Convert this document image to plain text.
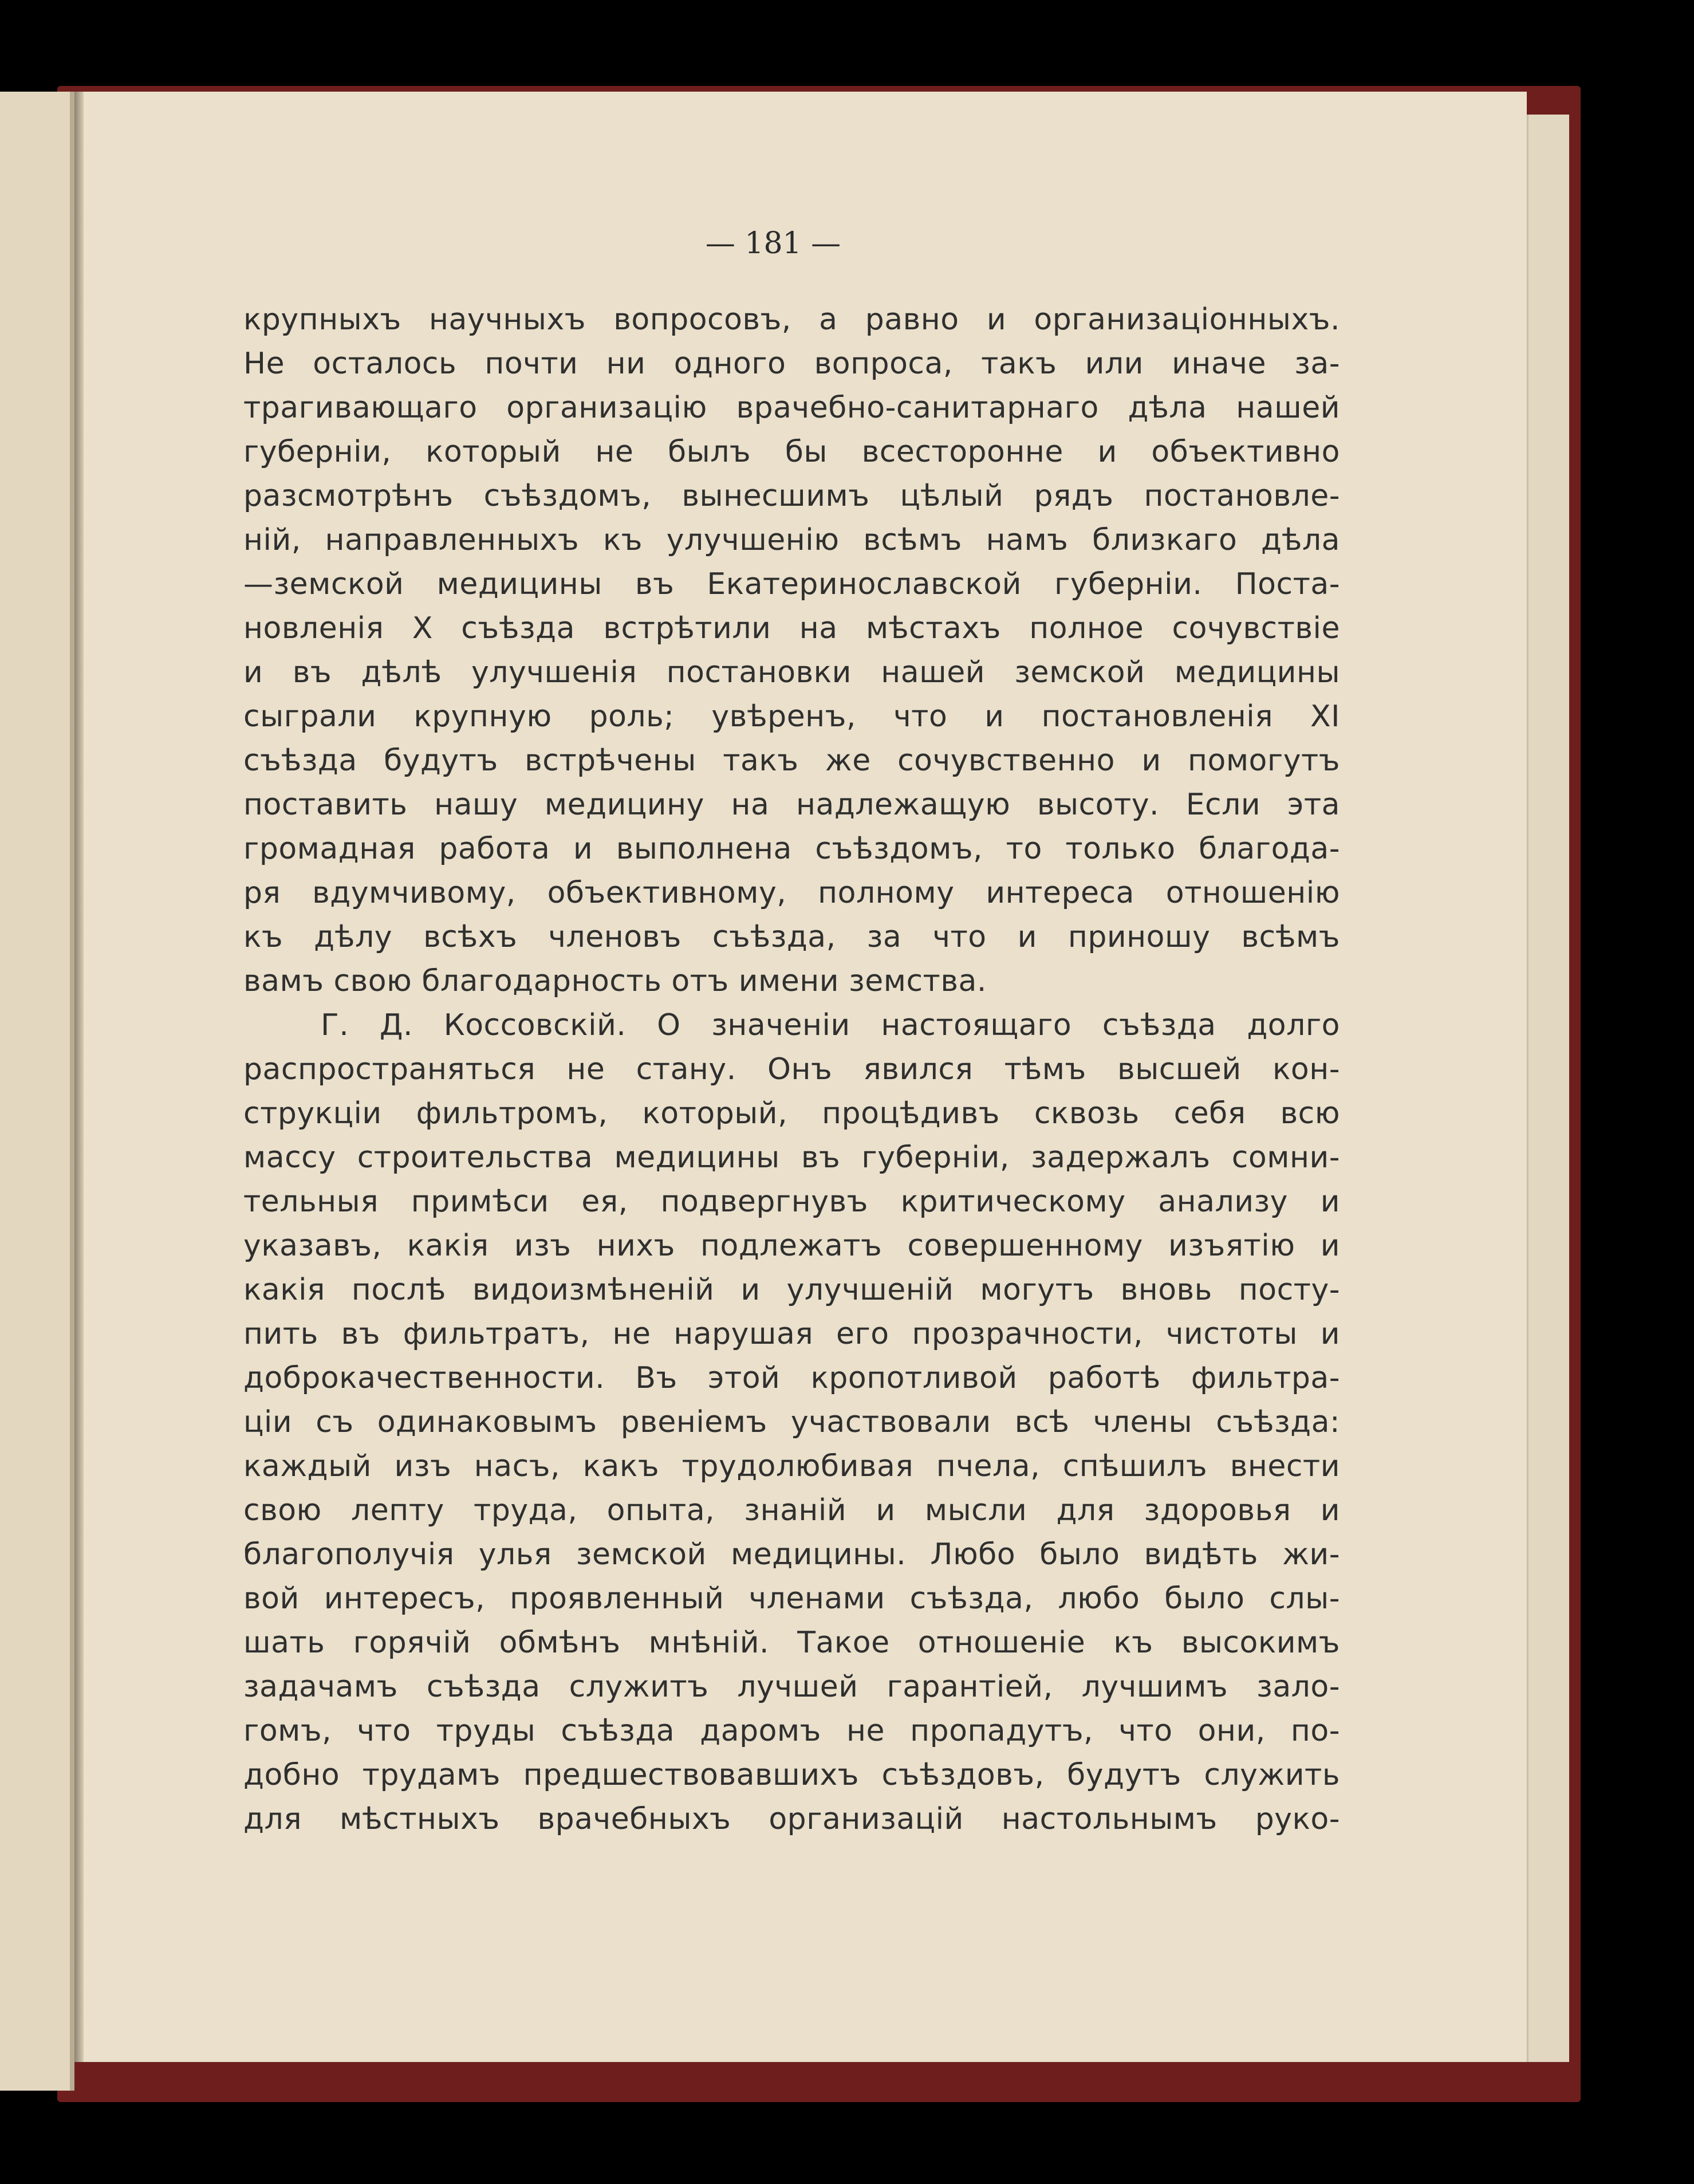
— 181 —
крупныхъ научныхъ вопросовъ, а равно и организацiонныхъ.
Не осталось почти ни одного вопроса, такъ или иначе за-
трагивающаго организацiю врачебно-санитарнаго дѣла нашей
губернiи, который не былъ бы всесторонне и объективно
разсмотрѣнъ съѣздомъ, вынесшимъ цѣлый рядъ постановле-
нiй, направленныхъ къ улучшенiю всѣмъ намъ близкаго дѣла
—земской медицины въ Екатеринославской губернiи. Поста-
новленiя X съѣзда встрѣтили на мѣстахъ полное сочувствiе
и въ дѣлѣ улучшенiя постановки нашей земской медицины
сыграли крупную роль; увѣренъ, что и постановленiя XI
съѣзда будутъ встрѣчены такъ же сочувственно и помогутъ
поставить нашу медицину на надлежащую высоту. Если эта
громадная работа и выполнена съѣздомъ, то только благода-
ря вдумчивому, объективному, полному интереса отношенiю
къ дѣлу всѣхъ членовъ съѣзда, за что и приношу всѣмъ
вамъ свою благодарность отъ имени земства.
Г. Д. Коссовскiй. О значенiи настоящаго съѣзда долго
распространяться не стану. Онъ явился тѣмъ высшей кон-
струкцiи фильтромъ, который, процѣдивъ сквозь себя всю
массу строительства медицины въ губернiи, задержалъ сомни-
тельныя примѣси ея, подвергнувъ критическому анализу и
указавъ, какiя изъ нихъ подлежатъ совершенному изъятiю и
какiя послѣ видоизмѣненiй и улучшенiй могутъ вновь посту-
пить въ фильтратъ, не нарушая его прозрачности, чистоты и
доброкачественности. Въ этой кропотливой работѣ фильтра-
цiи съ одинаковымъ рвенiемъ участвовали всѣ члены съѣзда:
каждый изъ насъ, какъ трудолюбивая пчела, спѣшилъ внести
свою лепту труда, опыта, знанiй и мысли для здоровья и
благополучiя улья земской медицины. Любо было видѣть жи-
вой интересъ, проявленный членами съѣзда, любо было слы-
шать горячiй обмѣнъ мнѣнiй. Такое отношенiе къ высокимъ
задачамъ съѣзда служитъ лучшей гарантiей, лучшимъ зало-
гомъ, что труды съѣзда даромъ не пропадутъ, что они, по-
добно трудамъ предшествовавшихъ съѣздовъ, будутъ служить
для мѣстныхъ врачебныхъ организацiй настольнымъ руко-
